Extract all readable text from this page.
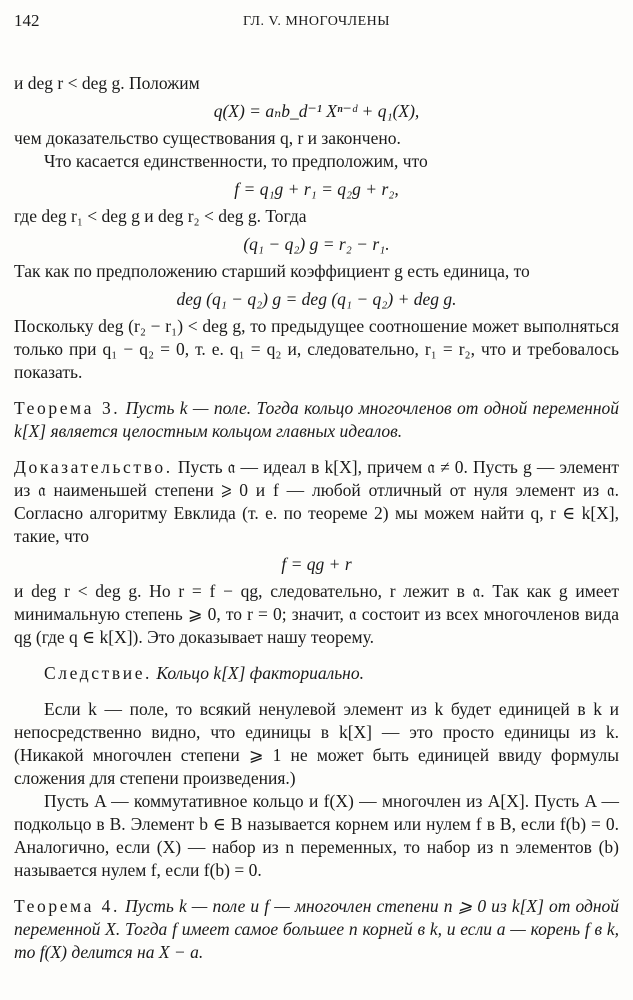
142	ГЛ. V. МНОГОЧЛЕНЫ

и deg r < deg g. Положим

q(X) = aₙb_d⁻¹ Xⁿ⁻ᵈ + q₁(X),

чем доказательство существования q, r и закончено.

Что касается единственности, то предположим, что

f = q₁g + r₁ = q₂g + r₂,

где deg r₁ < deg g и deg r₂ < deg g. Тогда

(q₁ − q₂) g = r₂ − r₁.

Так как по предположению старший коэффициент g есть единица, то

deg (q₁ − q₂) g = deg (q₁ − q₂) + deg g.

Поскольку deg (r₂ − r₁) < deg g, то предыдущее соотношение может выполняться только при q₁ − q₂ = 0, т. е. q₁ = q₂ и, следовательно, r₁ = r₂, что и требовалось показать.

Теорема 3. Пусть k — поле. Тогда кольцо многочленов от одной переменной k[X] является целостным кольцом главных идеалов.

Доказательство. Пусть 𝔞 — идеал в k[X], причем 𝔞 ≠ 0. Пусть g — элемент из 𝔞 наименьшей степени ⩾ 0 и f — любой отличный от нуля элемент из 𝔞. Согласно алгоритму Евклида (т. е. по теореме 2) мы можем найти q, r ∈ k[X], такие, что

f = qg + r

и deg r < deg g. Но r = f − qg, следовательно, r лежит в 𝔞. Так как g имеет минимальную степень ⩾ 0, то r = 0; значит, 𝔞 состоит из всех многочленов вида qg (где q ∈ k[X]). Это доказывает нашу теорему.

Следствие. Кольцо k[X] факториально.

Если k — поле, то всякий ненулевой элемент из k будет единицей в k и непосредственно видно, что единицы в k[X] — это просто единицы из k. (Никакой многочлен степени ⩾ 1 не может быть единицей ввиду формулы сложения для степени произведения.)

Пусть A — коммутативное кольцо и f(X) — многочлен из A[X]. Пусть A — подкольцо в B. Элемент b ∈ B называется корнем или нулем f в B, если f(b) = 0. Аналогично, если (X) — набор из n переменных, то набор из n элементов (b) называется нулем f, если f(b) = 0.

Теорема 4. Пусть k — поле и f — многочлен степени n ⩾ 0 из k[X] от одной переменной X. Тогда f имеет самое большее n корней в k, и если a — корень f в k, то f(X) делится на X − a.
